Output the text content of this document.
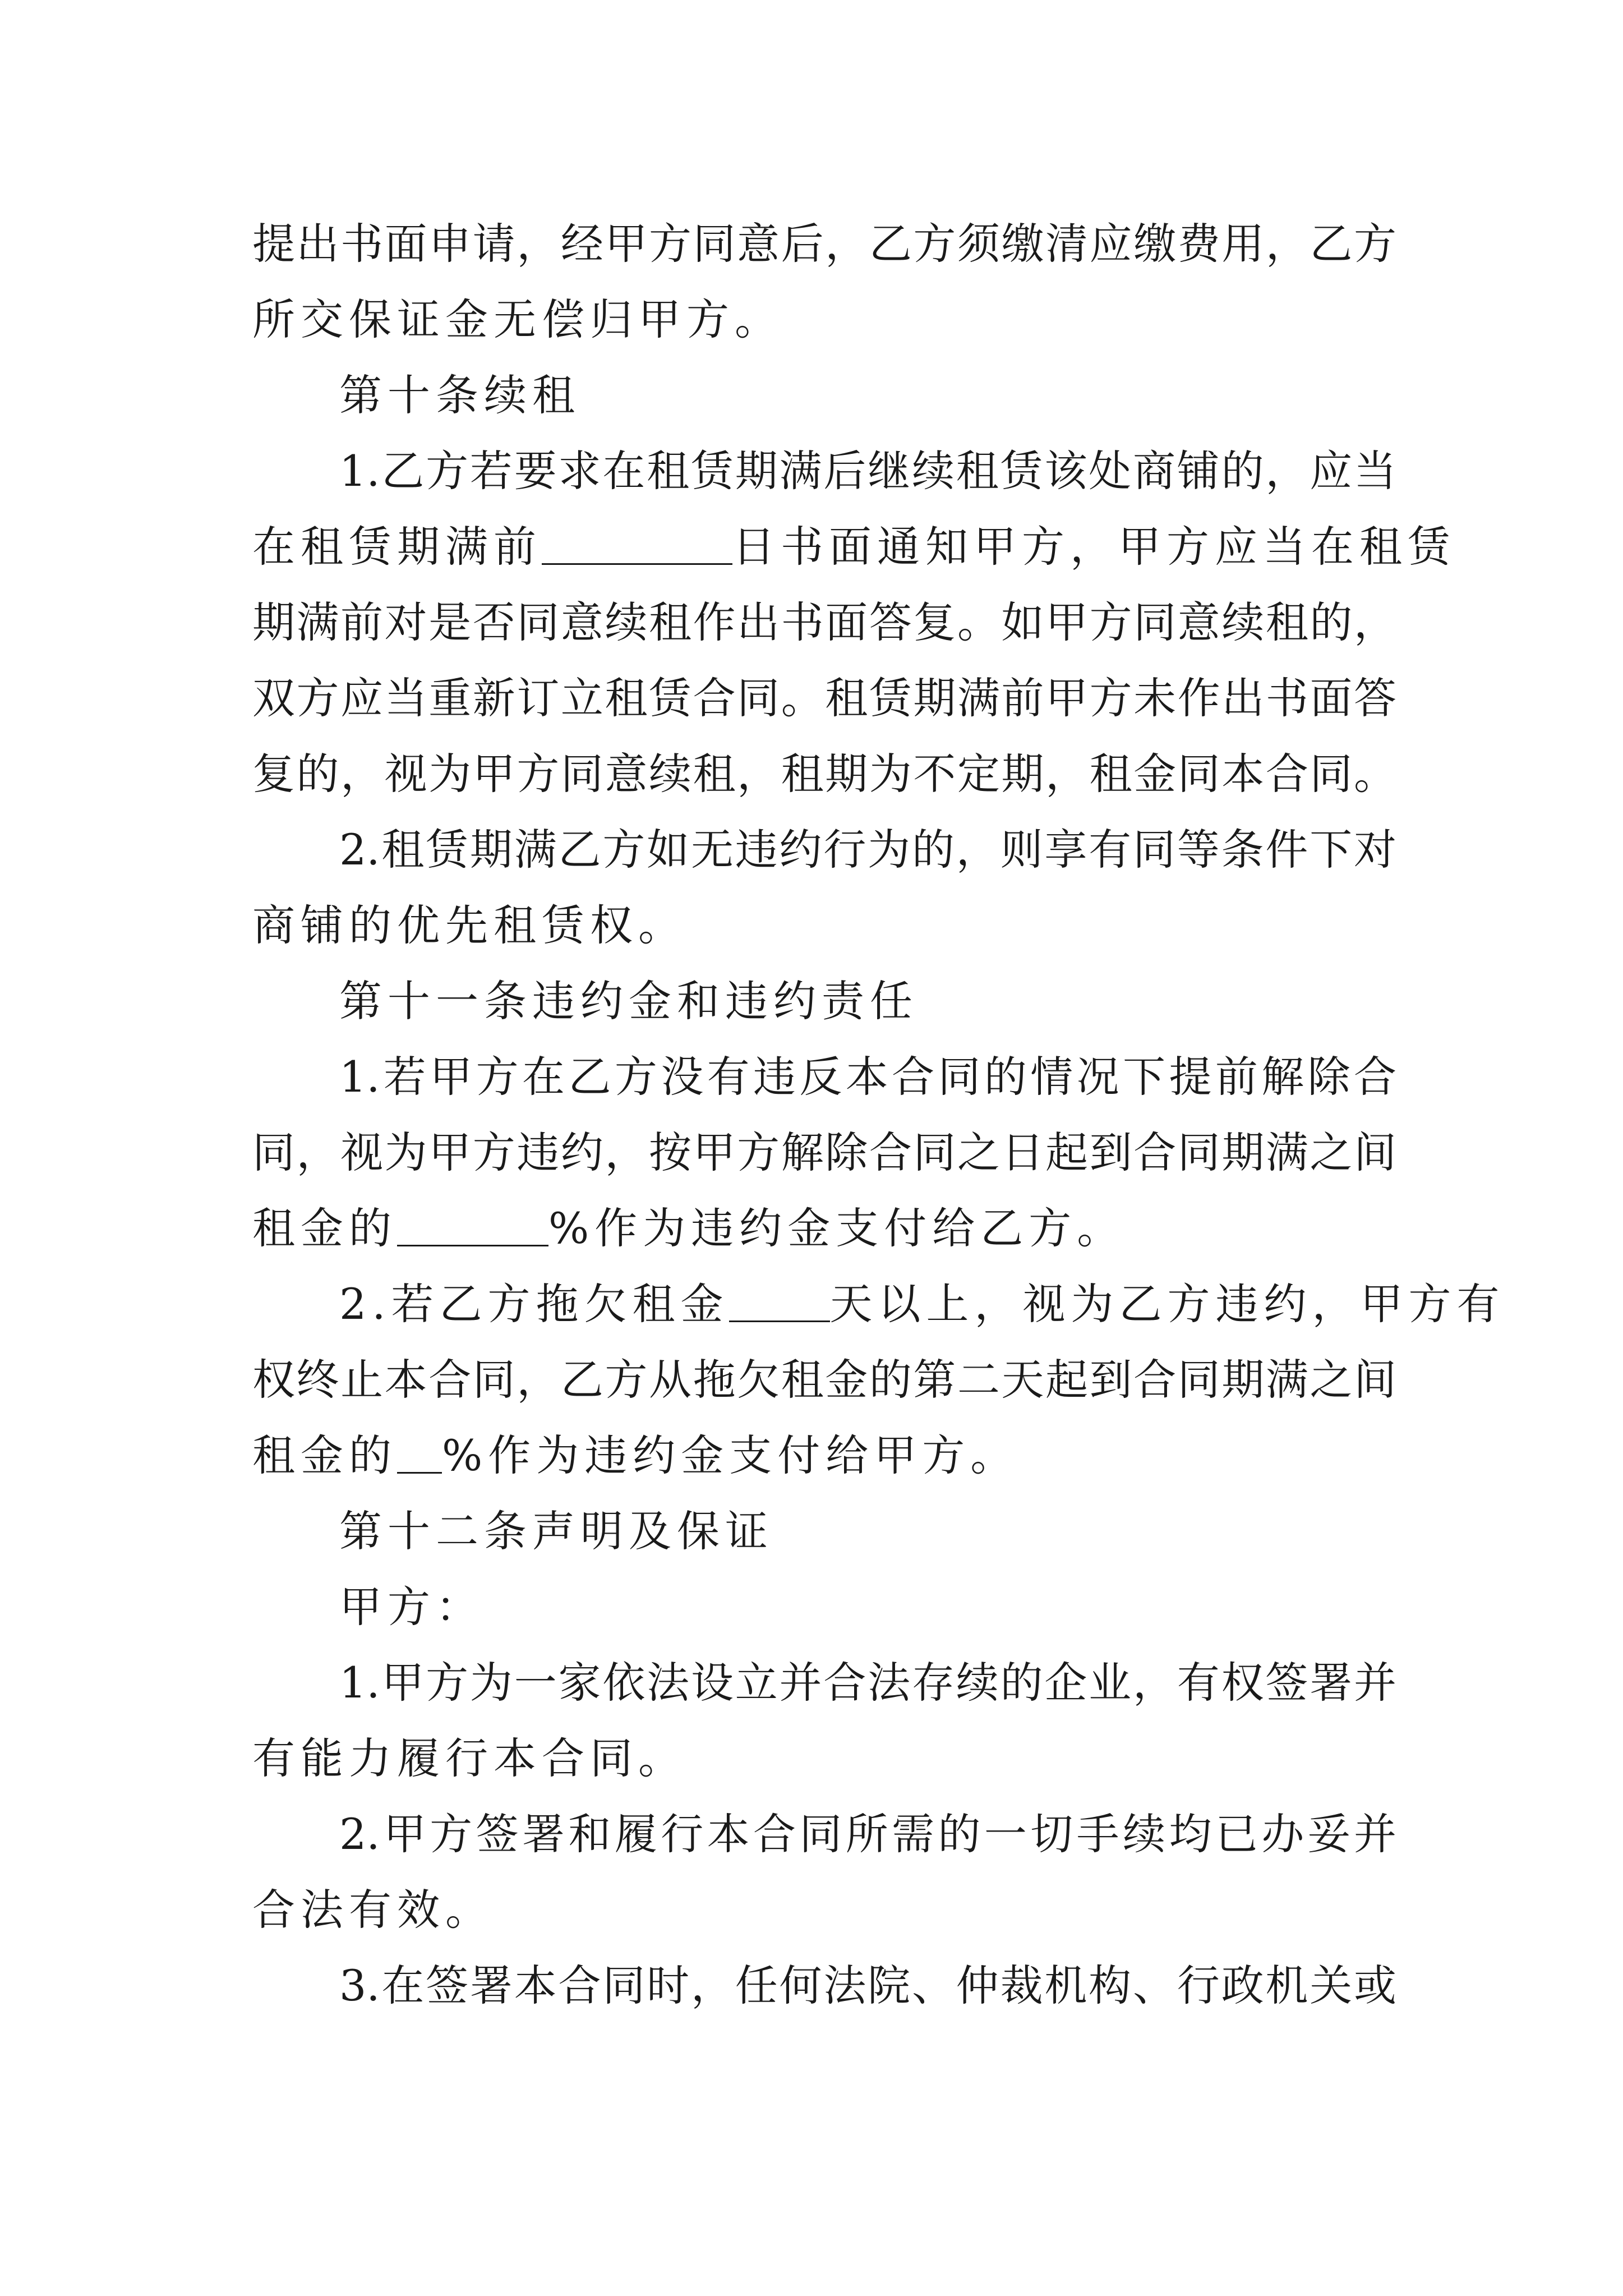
提出书面申请，经甲方同意后，乙方须缴清应缴费用，乙方
所交保证金无偿归甲方。
第十条续租
1.乙方若要求在租赁期满后继续租赁该处商铺的，应当
在租赁期满前	日书面通知甲方，甲方应当在租赁
期满前对是否同意续租作出书面答复。如甲方同意续租的，
双方应当重新订立租赁合同。租赁期满前甲方未作出书面答
复的，视为甲方同意续租，租期为不定期，租金同本合同。
2.租赁期满乙方如无违约行为的，则享有同等条件下对
商铺的优先租赁权。
第十一条违约金和违约责任
1.若甲方在乙方没有违反本合同的情况下提前解除合
同，视为甲方违约，按甲方解除合同之日起到合同期满之间
租金的	%作为违约金支付给乙方。
2.若乙方拖欠租金 天以上，视为乙方违约，甲方有
权终止本合同，乙方从拖欠租金的第二天起到合同期满之间
租金的 %作为违约金支付给甲方。
第十二条声明及保证
甲方：
1.甲方为一家依法设立并合法存续的企业，有权签署并
有能力履行本合同。
2.甲方签署和履行本合同所需的一切手续均已办妥并
合法有效。
3.在签署本合同时，任何法院、仲裁机构、行政机关或
